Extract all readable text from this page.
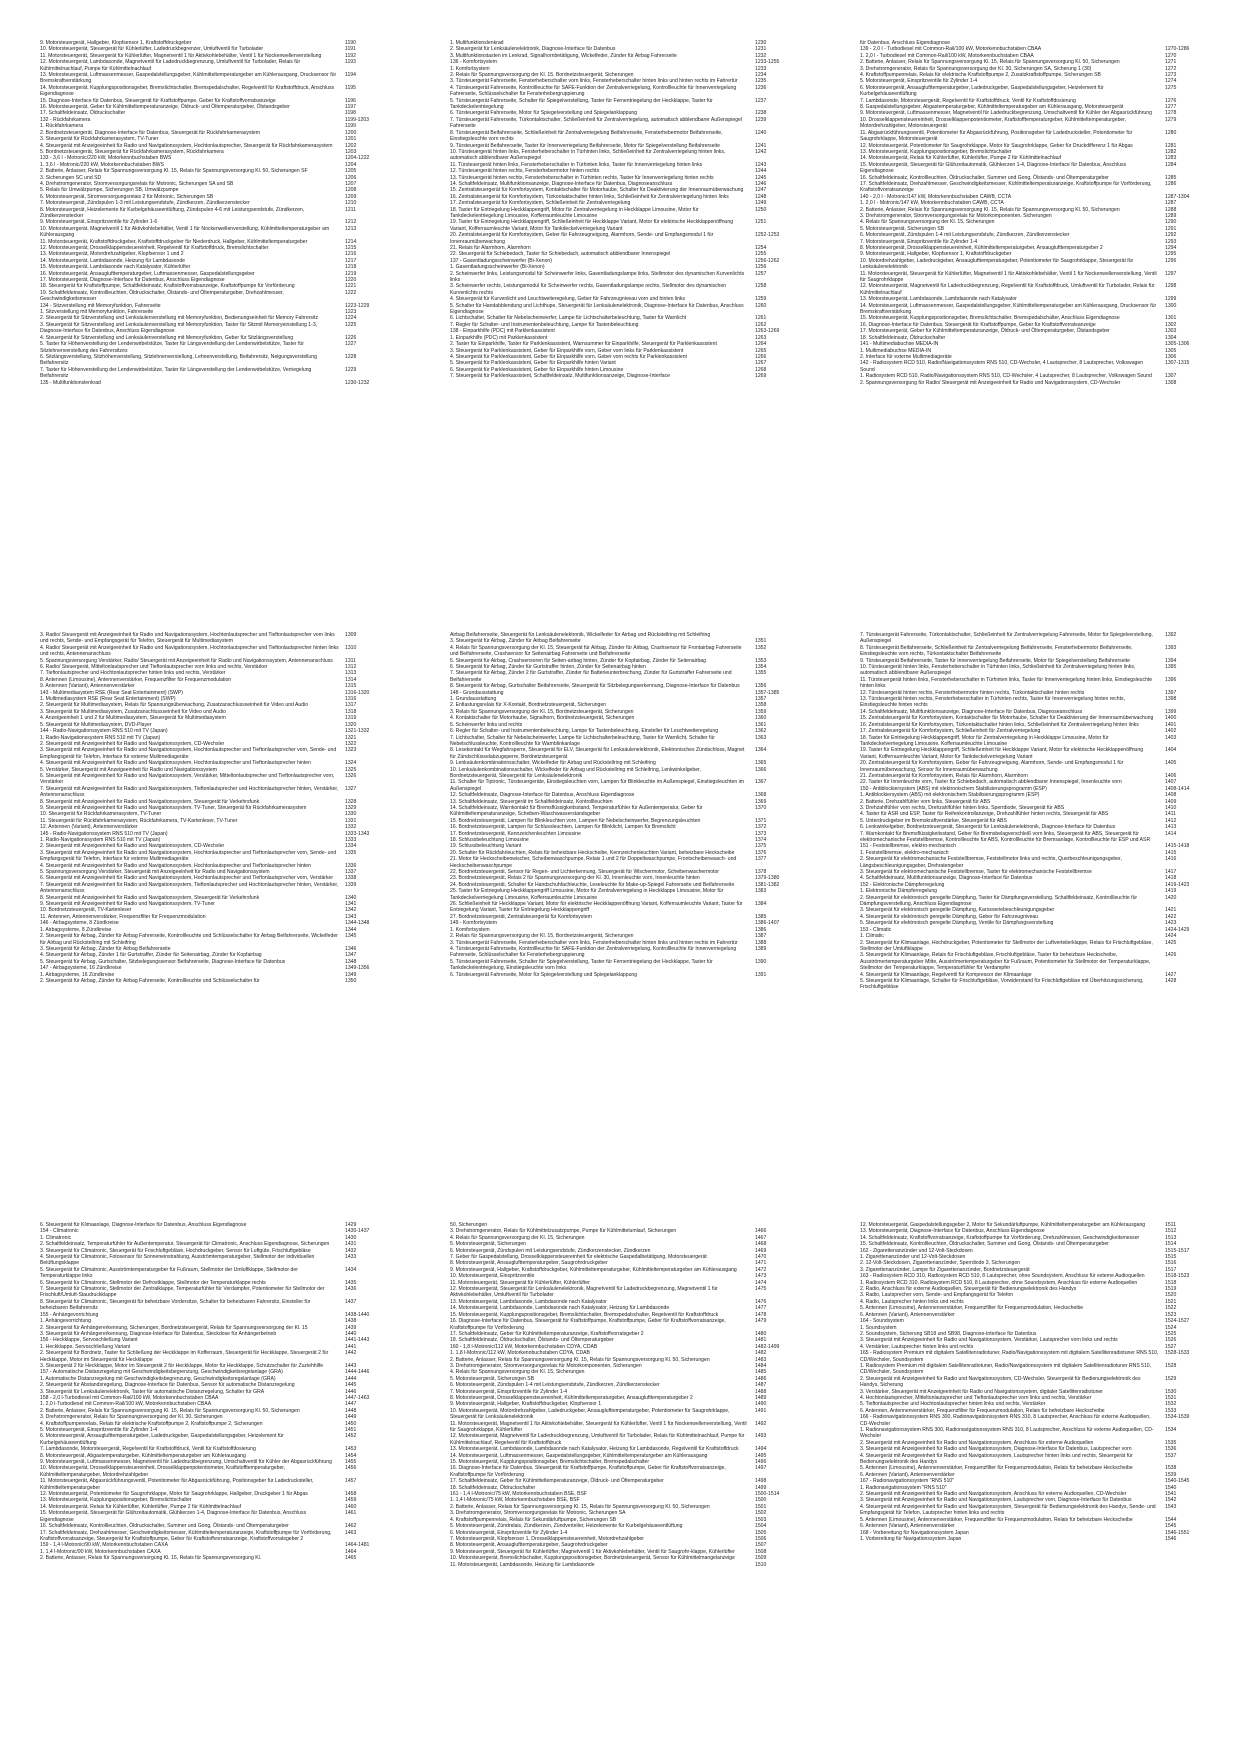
9. Motorsteuergerät, Hallgeber, Klopfsensor 1, Kraftstoffdruckgeber	1190
10. Motorsteuergerät, Steuergerät für Kühlerlüfter, Ladedruckbegrenzer, Umluftventil für Turbolader	1191
11. Motorsteuergerät, Steuergerät für Kühlerlüfter, Magnetventil 1 für Aktivkohlebehälter, Ventil 1 für Nockenwellenverstellung	1192
12. Motorsteuergerät, Lambdasonde, Magnetventil für Ladedruckbegrenzung, Umluftventil für Turbolader, Relais für Kühlmittelnachlauf, Pumpe für Kühlmittelnachlauf
1193
13. Motorsteuergerät, Luftmassenmesser, Gaspedalstellungsgeber, Kühlmitteltemperaturgeber am Kühlerausgang, Drucksensor für Bremskraftverstärkung
1194
14. Motorsteuergerät, Kupplungspositionsgeber, Bremslichtschalter, Bremspedalschalter, Regelventil für Kraftstoffdruck, Anschluss Eigendiagnose
1195
15. Diagnose-Interface für Datenbus, Steuergerät für Kraftstoffpumpe, Geber für Kraftstoffvorratsanzeige	1196
16. Motorsteuergerät, Geber für Kühlmitteltemperaturanzeige, Öldruck- und Öltemperaturgeber, Ölstandsgeber	1197
17. Schaltfeldeinsatz, Öldruckschalter	1198
132 - Rückfahrkamera	1199-1203
1. Rückfahrkamera	1199
2. Bordnetzsteuergerät, Diagnose-Interface für Datenbus, Steuergerät für Rückfahrkamerasystem	1200
3. Steuergerät für Rückfahrkamerasystem, TV-Tuner	1201
4. Steuergerät mit Anzeigeeinheit für Radio und Navigationssystem, Hochtonlautsprecher, Steuergerät für Rückfahrkamerasystem	1202
5. Bordnetzsteuergerät, Steuergerät für Rückfahrkamerasystem, Rückfahrkamera	1203
133 - 3,6 l - Motronic/220 kW, Motorkennbuchstaben BWS	1204-1222
1. 3,6 l - Motronic/220 kW, Motorkennbuchstaben BWS	1204
2. Batterie, Anlasser, Relais für Spannungsversorgung Kl. 15, Relais für Spannungsversorgung Kl. 50, Sicherungen SF	1205
3. Sicherungen SC und SD	1206
4. Drehstromgenerator, Stromversorgungsrelais für Motronic, Sicherungen SA und SB	1207
5. Relais für Umwälzpumpe, Sicherungen SB, Umwälzpumpe	1208
6. Motorsteuergerät, Stromversorgungsrelais 2 für Motronic, Sicherungen SB	1209
7. Motorsteuergerät, Zündspulen 1-3 mit Leistungsendstufe, Zündkerzen, Zündkerzenstecker	1210
8. Motorsteuergerät, Heizelemente für Kurbelgehäuseentlüftung, Zündspulen 4-6 mit Leistungsendstufe, Zündkerzen, Zündkerzenstecker
1211
9. Motorsteuergerät, Einspritzventile für Zylinder 1-6	1212
10. Motorsteuergerät, Magnetventil 1 für Aktivkohlebehälter, Ventil 1 für Nockenwellenverstellung, Kühlmitteltemperaturgeber am Kühlerausgang
1213
11. Motorsteuergerät, Kraftstoffdruckgeber, Kraftstoffdruckgeber für Niederdruck, Hallgeber, Kühlmitteltemperaturgeber	1214
12. Motorsteuergerät, Drosselklappensteuereinheit, Regelventil für Kraftstoffdruck, Bremslichtschalter	1215
13. Motorsteuergerät, Motordrehzahlgeber, Klopfsensor 1 und 2	1216
14. Motorsteuergerät, Lambdasonde, Heizung für Lambdasonde	1217
15. Motorsteuergerät, Lambdasonde nach Katalysator, Kühlerlüfter	1218
16. Motorsteuergerät, Ansauglufttemperaturgeber, Luftmassenmesser, Gaspedalstellungsgeber	1219
17. Motorsteuergerät, Diagnose-Interface für Datenbus, Anschluss Eigendiagnose	1220
18. Steuergerät für Kraftstoffpumpe, Schaltfeldeinsatz, Kraftstoffvorratsanzeige, Kraftstoffpumpe für Vorförderung	1221
19. Schaltfeldeinsatz, Kontrollleuchten, Öldruckschalter, Ölstands- und Öltemperaturgeber, Drehzahlmesser, Geschwindigkeitsmesser
1222
134 - Sitzverstellung mit Memoryfunktion, Fahrerseite	1223-1229
1. Sitzverstellung mit Memoryfunktion, Fahrerseite	1223
2. Steuergerät für Sitzverstellung und Lenksäulenverstellung mit Memoryfunktion, Bedienungseinheit für Memory Fahrersitz	1224
3. Steuergerät für Sitzverstellung und Lenksäulenverstellung mit Memoryfunktion, Taster für Sitzmit Memoryeinstellung 1-3, Diagnose-Interface für Datenbus, Anschluss Eigendiagnose
1225
4. Steuergerät für Sitzverstellung und Lenksäulenverstellung mit Memoryfunktion, Geber für Sitzlängsverstellung	1226
5. Taster für Höhenverstellung der Lendenwirbelstütze, Taster für Längsverstellung der Lendenwirbelstütze, Taster für Sitzlehnenverstellung des Fahrersitzes
1227
6. Sitzlängsverstellung, Sitzhöhenverstellung, Sitzlehnenverstellung, Lehnenverstellung, Beifahrersitz, Neigungsverstellung Beifahrersitz
1228
7. Taster für Höhenverstellung der Lendenwirbelstütze, Taster für Längsverstellung der Lendenwirbelstütze, Verriegelung Beifahrersitz
1229
135 - Multifunktionslenkrad	1230-1232
1. Multifunktionslenkrad	1230
2. Steuergerät für Lenksäulenelektronik, Diagnose-Interface für Datenbus	1231
3. Multifunktionstasten im Lenkrad, Signalhornbetätigung, Wickelfeder, Zünder für Airbag Fahrerseite	1232
136 - Komfortsystem	1233-1255
1. Komfortsystem	1233
2. Relais für Spannungsversorgung der Kl. 15, Bordnetzsteuergerät, Sicherungen	1234
3. Türsteuergerät Fahrerseite, Fensterheberschalter vorn links, Fensterheberschalter hinten links und hinten rechts im Fahrertür	1235
4. Türsteuergerät Fahrerseite, Kontrollleuchte für SAFE-Funktion der Zentralverriegelung, Kontrollleuchte für Innenverriegelung Fahrerseite, Schlüsselschalter für Fensterhebergruppierung
1236
5. Türsteuergerät Fahrerseite, Schalter für Spiegelverstellung, Taster für Fernentriegelung der Heckklappe, Taster für Tankdeckelentriegelung
1237
6. Türsteuergerät Fahrerseite, Motor für Spiegelverstellung und Spiegelanklappung	1238
7. Türsteuergerät Fahrerseite, Türkontaktschalter, Schließeinheit für Zentralverriegelung, automatisch abblendbarer Außenspiegel Fahrerseite
1239
8. Türsteuergerät Beifahrerseite, Schließeinheit für Zentralverriegelung Beifahrerseite, Fensterhebermotor Beifahrerseite, Einstiegsleuchte vorn rechts
1240
9. Türsteuergerät Beifahrerseite, Taster für Innenverriegelung Beifahrerseite, Motor für Spiegelverstellung Beifahrerseite	1241
10. Türsteuergerät hinten links, Fensterheberschalter in Türhinten links, Schließeinheit für Zentralverriegelung hinten links, automatisch abblendbarer Außenspiegel
1242
11. Türsteuergerät hinten links, Fensterheberschalter in Türhinten links, Taster für Innenverriegelung hinten links	1243
12. Türsteuergerät hinten rechts, Fensterhebermotor hinten rechts	1244
13. Türsteuergerät hinten rechts, Fensterheberschalter in Türhinten rechts, Taster für Innenverriegelung hinten rechts	1245
14. Schaltfeldeinsatz, Multifunktionsanzeige, Diagnose-Interface für Datenbus, Diagnoseanschluss	1246
15. Zentralsteuergerät für Komfortsystem, Kontaktschalter für Motorhaube, Schalter für Deaktivierung der Innenraumüberwachung	1247
16. Zentralsteuergerät für Komfortsystem, Türkontaktschalter hinten links, Schließeinheit für Zentralverriegelung hinten links	1248
17. Zentralsteuergerät für Komfortsystem, Schließeinheit für Zentralverriegelung	1249
18. Taster für Entriegelung Heckklappengriff, Motor für Zentralverriegelung in Heckklappe Limousine, Motor für Tankdeckelentriegelung Limousine, Kofferraumleuchte Limousine
1250
19. Taster für Entriegelung Heckklappengriff, Schließeinheit für Heckklappe Variant, Motor für elektrische Heckklappenöffnung Variant, Kofferraumleuchte Variant, Motor für Tankdeckelverriegelung Variant
1251
20. Zentralsteuergerät für Komfortsystem, Geber für Fahrzeugneigung, Alarmhorn, Sende- und Empfangsmodul 1 für Innenraumüberwachung
1252-1253
21. Relais für Alarmhorn, Alarmhorn	1254
22. Steuergerät für Schiebedach, Taster für Schiebedach, automatisch abblendbarer Innenspiegel	1255
137 - Gasentladungsscheinwerfer (Bi-Xenon)	1256-1262
1. Gasentladungsscheinwerfer (Bi-Xenon)	1256
2. Scheinwerfer links, Leistungsmodul für Scheinwerfer links, Gasentladungslampe links, Stellmotor des dynamischen Kurvenlichts links
1257
3. Scheinwerfer rechts, Leistungsmodul für Scheinwerfer rechts, Gasentladungslampe rechts, Stellmotor des dynamischen Kurvenlichts rechts
1258
4. Steuergerät für Kurvenlicht und Leuchtweiteregelung, Geber für Fahrzeugniveau vorn und hinten links	1259
5. Schalter für Handabblendung und Lichthupe, Steuergerät für Lenksäulenelektronik, Diagnose-Interface für Datenbus, Anschluss Eigendiagnose
1260
6. Lichtschalter, Schalter für Nebelscheinwerfer, Lampe für Lichtschalterbeleuchtung, Taster für Warnlicht	1261
7. Regler für Schalter- und Instrumentenbeleuchtung, Lampe für Tastenbeleuchtung	1262
138 - Einparkhilfe (PDC) mit Parklenkassistent	1263-1269
1. Einparkhilfe (PDC) mit Parklenkassistent	1263
2. Taster für Einparkhilfe, Taster für Parklenkassistent, Warnsummer für Einparkhilfe, Steuergerät für Parklenkassistent	1264
3. Steuergerät für Parklenkassistent, Geber für Einparkhilfe vorn, Geber vorn links für Parklenkassistent	1265
4. Steuergerät für Parklenkassistent, Geber für Einparkhilfe vorn, Geber vorn rechts für Parklenkassistent	1266
5. Steuergerät für Parklenkassistent, Geber für Einparkhilfe hinten Variant	1267
6. Steuergerät für Parklenkassistent, Geber für Einparkhilfe hinten Limousine	1268
7. Steuergerät für Parklenkassistent, Schaltfeldeinsatz, Multifunktionsanzeige, Diagnose-Interface	1269
für Datenbus, Anschluss Eigendiagnose
139 - 2,0 l - Turbodiesel mit Common-Rail/100 kW, Motorkennbuchstaben CBAA	1270-1286
1. 2,0 l - Turbodiesel mit Common-Rail/100 kW, Motorkennbuchstaben CBAA	1270
2. Batterie, Anlasser, Relais für Spannungsversorgung Kl. 15, Relais für Spannungsversorgung Kl. 50, Sicherungen	1271
3. Drehstromgenerator, Relais für Spannungsversorgung der Kl. 30, Sicherungen SA, Sicherung 1 (30)	1272
4. Kraftstoffpumpenrelais, Relais für elektrische Kraftstoffpumpe 2, Zusatzkraftstoffpumpe, Sicherungen SB	1273
5. Motorsteuergerät, Einspritzventile für Zylinder 1-4	1274
6. Motorsteuergerät, Ansauglufttemperaturgeber, Ladedruckgeber, Gaspedalstellungsgeber, Heizelement für Kurbelgehäuseentlüftung
1275
7. Lambdasonde, Motorsteuergerät, Regelventil für Kraftstoffdruck, Ventil für Kraftstoffdosierung	1276
8. Gaspedalstellungsgeber, Abgastemperaturgeber, Kühlmitteltemperaturgeber am Kühlerausgang, Motorsteuergerät	1277
9. Motorsteuergerät, Luftmassenmesser, Magnetventil für Ladedruckbegrenzung, Umschaltventil für Kühler der Abgasrückführung	1278
10. Drosselklappensteuereinheit, Drosselklappenpotentiometer, Kraftstofftemperaturgeber, Kühlmitteltemperaturgeber, Motordrehzahlgeber, Motorsteuergerät
1279
11. Abgasrückführungsventil, Potentiometer für Abgasrückführung, Positionsgeber für Ladedrucksteller, Potentiometer für Saugrohrklappe, Motorsteuergerät
1280
12. Motorsteuergerät, Potentiometer für Saugrohrklappe, Motor für Saugrohrklappe, Geber für Druckdifferenz 1 für Abgas	1281
13. Motorsteuergerät, Kupplungspositionsgeber, Bremslichtschalter	1282
14. Motorsteuergerät, Relais für Kühlerlüfter, Kühlerlüfter, Pumpe 2 für Kühlmittelnachlauf	1283
15. Motorsteuergerät, Steuergerät für Glühzeitautomatik, Glühkerzen 1-4, Diagnose-Interface für Datenbus, Anschluss Eigendiagnose
1284
16. Schaltfeldeinsatz, Kontrollleuchten, Öldruckschalter, Summer und Gong, Ölstands- und Öltemperaturgeber	1285
17. Schaltfeldeinsatz, Drehzahlmesser, Geschwindigkeitsmesser, Kühlmitteltemperaturanzeige, Kraftstoffpumpe für Vorförderung, Kraftstoffvorratsanzeige
1286
140 - 2,0 l - Motronic/147 kW, Motorkennbuchstaben CAWB, CCTA	1287-1304
1. 2,0 l - Motronic/147 kW, Motorkennbuchstaben CAWB, CCTA	1287
2. Batterie, Anlasser, Relais für Spannungsversorgung Kl. 15, Relais für Spannungsversorgung Kl. 50, Sicherungen	1288
3. Drehstromgenerator, Stromversorgungsrelais für Motorkomponenten, Sicherungen	1289
4. Relais für Spannungsversorgung der Kl. 15, Sicherungen	1290
5. Motorsteuergerät, Sicherungen SB	1291
6. Motorsteuergerät, Zündspulen 1-4 mit Leistungsendstufe, Zündkerzen, Zündkerzenstecker	1292
7. Motorsteuergerät, Einspritzventile für Zylinder 1-4	1293
8. Motorsteuergerät, Drosselklappensteuereinheit, Kühlmitteltemperaturgeber, Ansauglufttemperaturgeber 2	1294
9. Motorsteuergerät, Hallgeber, Klopfsensor 1, Kraftstoffdruckgeber	1295
10. Motordrehzahlgeber, Ladedruckgeber, Ansauglufttemperaturgeber, Potentiometer für Saugrohrklappe, Steuergerät für Lenksäulenelektronik
1296
11. Motorsteuergerät, Steuergerät für Kühlerlüfter, Magnetventil 1 für Aktivkohlebehälter, Ventil 1 für Nockenwellenverstellung, Ventil für Saugrohrklappe
1297
12. Motorsteuergerät, Magnetventil für Ladedruckbegrenzung, Regelventil für Kraftstoffdruck, Umluftventil für Turbolader, Relais für Kühlmittelnachlauf
1298
13. Motorsteuergerät, Lambdasonde, Lambdasonde nach Katalysator	1299
14. Motorsteuergerät, Luftmassenmesser, Gaspedalstellungsgeber, Kühlmitteltemperaturgeber am Kühlerausgang, Drucksensor für Bremskraftverstärkung
1300
15. Motorsteuergerät, Kupplungspositionsgeber, Bremslichtschalter, Bremspedalschalter, Anschluss Eigendiagnose	1301
16. Diagnose-Interface für Datenbus, Steuergerät für Kraftstoffpumpe, Geber für Kraftstoffvorratsanzeige	1302
17. Motorsteuergerät, Geber für Kühlmitteltemperaturanzeige, Öldruck- und Öltemperaturgeber, Ölstandsgeber	1303
18. Schaltfeldeinsatz, Öldruckschalter	1304
141 - Multimediabuchse MEDIA-IN	1305-1306
1. Multimediabuchse MEDIA-IN	1305
2. Interface für externe Multimediageräte	1306
142 - Radiosystem RCD 510, Radio/Navigationssystem RNS 510, CD-Wechsler, 4 Lautsprecher, 8 Lautsprecher, Volkswagen Sound
1307-1315
1. Radiosystem RCD 510, Radio/Navigationssystem RNS 510, CD-Wechsler, 4 Lautsprecher, 8 Lautsprecher, Volkswagen Sound	1307
2. Spannungsversorgung für Radio/ Steuergerät mit Anzeigeeinheit für Radio und Navigationssystem, CD-Wechsler	1308
3. Radio/ Steuergerät mit Anzeigeeinheit für Radio und Navigationssystem, Hochtonlautsprecher und Tieftonlautsprecher vorn links und rechts, Sende- und Empfangsgerät für Telefon, Steuergerät für Multimediasystem
1309
4. Radio/ Steuergerät mit Anzeigeeinheit für Radio und Navigationssystem, Hochtonlautsprecher und Tieftonlautsprecher hinten links und rechts, Antennenanschluss
1310
5. Spannungsversorgung Verstärker, Radio/ Steuergerät mit Anzeigeeinheit für Radio und Navigationssystem, Antennenanschluss	1311
6. Radio/ Steuergerät, Mitteltonlautsprecher und Tieftonlautsprecher vorn links und rechts, Verstärker	1312
7. Tieftonlautsprecher und Hochtonlautsprecher hinten links und rechts, Verstärker	1313
8. Antennen (Limousine), Antennenverstärker, Frequenzfilter für Frequenzmodulation	1314
9. Antennen (Variant), Antennenverstärker	1315
143 - Multimediasystem RSE (Rear Seat Entertainment) (SWP)	1316-1320
1. Multimediasystem RSE (Rear Seat Entertainment) (SWP)	1316
2. Steuergerät für Multimediasystem, Relais für Spannungsüberwachung, Zusatzanschlussseinheit für Video und Audio	1317
3. Steuergerät für Multimediasystem, Zusatzanschlussseinheit für Video und Audio	1318
4. Anzeigeeinheit 1 und 2 für Multimediasystem, Steuergerät für Multimediasystem	1319
5. Steuergerät für Multimediasystem, DVD-Player	1320
144 - Radio-Navigationssystem RNS 510 mit TV (Japan)	1321-1332
1. Radio-Navigationssystem RNS 510 mit TV (Japan)	1321
2. Steuergerät mit Anzeigeeinheit für Radio und Navigationssystem, CD-Wechsler	1322
3. Steuergerät mit Anzeigeeinheit für Radio und Navigationssystem, Hochtonlautsprecher und Tieftonlautsprecher vorn, Sende- und Empfangsgerät für Telefon, Interface für externe Multimediageräte
1323
4. Steuergerät mit Anzeigeeinheit für Radio und Navigationssystem, Hochtonlautsprecher und Tieftonlautsprecher hinten	1324
5. Verstärker, Steuergerät mit Anzeigeeinheit für Radio und Navigationssystem	1325
6. Steuergerät mit Anzeigeeinheit für Radio und Navigationssystem, Verstärker, Mitteltonlautsprecher und Tieftonlautsprecher vorn, Verstärker
1326
7. Steuergerät mit Anzeigeeinheit für Radio und Navigationssystem, Tieftonlautsprecher und Hochtonlautsprecher hinten, Verstärker, Antennenanschluss
1327
8. Steuergerät mit Anzeigeeinheit für Radio und Navigationssystem, Steuergerät für Verkehrsfunk	1328
9. Steuergerät mit Anzeigeeinheit für Radio und Navigationssystem, TV-Tuner, Steuergerät für Rückfahrkamerasystem	1329
10. Steuergerät für Rückfahrkamerasystem, TV-Tuner	1330
11. Steuergerät für Rückfahrkamerasystem, Rückfahrkamera, TV-Kartenleser, TV-Tuner	1331
12. Antennen (Variant), Antennenverstärker	1332
145 - Radio-Navigationssystem RNS 510 mit TV (Japan)	1333-1343
1. Radio-Navigationssystem RNS 510 mit TV (Japan)	1333
2. Steuergerät mit Anzeigeeinheit für Radio und Navigationssystem, CD-Wechsler	1334
3. Steuergerät mit Anzeigeeinheit für Radio und Navigationssystem, Hochtonlautsprecher und Tieftonlautsprecher vorn, Sende- und Empfangsgerät für Telefon, Interface für externe Multimediageräte
1335
4. Steuergerät mit Anzeigeeinheit für Radio und Navigationssystem, Hochtonlautsprecher und Tieftonlautsprecher hinten	1336
5. Spannungsversorgung Verstärker, Steuergerät mit Anzeigeeinheit für Radio und Navigationssystem	1337
6. Steuergerät mit Anzeigeeinheit für Radio und Navigationssystem, Hochtonlautsprecher und Tieftonlautsprecher vorn, Verstärker	1338
7. Steuergerät mit Anzeigeeinheit für Radio und Navigationssystem, Tieftonlautsprecher und Hochtonlautsprecher hinten, Verstärker, Antennenanschluss
1339
8. Steuergerät mit Anzeigeeinheit für Radio und Navigationssystem, Steuergerät für Verkehrsfunk	1340
9. Steuergerät mit Anzeigeeinheit für Radio und Navigationssystem, TV-Tuner	1341
10. Bordnetzsteuergerät, TV-Kartenleser	1342
11. Antennen, Antennenverstärker, Frequenzfilter für Frequenzmodulation	1343
146 - Airbagsysteme, 8 Zündkreise	1344-1348
1. Airbagsysteme, 8 Zündkreise	1344
2. Steuergerät für Airbag, Zünder für Airbag Fahrerseite, Kontrollleuchte und Schlüsselschalter für Airbag Beifahrerseite, Wickelfeder für Airbag und Rückstellring mit Schleifring
1345
3. Steuergerät für Airbag, Zünder für Airbag Beifahrerseite	1346
4. Steuergerät für Airbag, Zünder 1 für Gurtstraffer, Zünder für Seitenairbag, Zünder für Kopfairbag	1347
5. Steuergerät für Airbag, Gurtschalter, Sitzbelegungssensor Beifahrerseite, Diagnose-Interface für Datenbus	1348
147 - Airbagsysteme, 16 Zündkreise	1349-1356
1. Airbagsysteme, 16 Zündkreise	1349
2. Steuergerät für Airbag, Zünder für Airbag Fahrerseite, Kontrollleuchte und Schlüsselschalter für	1350
Airbag Beifahrerseite, Steuergerät für Lenksäulenelektronik, Wickelfeder für Airbag und Rückstellring mit Schleifring
3. Steuergerät für Airbag, Zünder für Airbag Beifahrerseite	1351
4. Relais für Spannungsversorgung der Kl. 15, Steuergerät für Airbag, Zünder für Airbag, Crashsensor für Frontairbag Fahrerseite und Beifahrerseite, Crashsensor für Seitenairbag Fahrerseite und Beifahrerseite
1352
5. Steuergerät für Airbag, Crashsensoren für Seiten-airbag hinten, Zünder für Kopfairbag, Zünder für Seitenairbag	1353
6. Steuergerät für Airbag, Zünder für Gurtstraffer hinten, Zünder für Seitenairbag hinten	1354
7. Steuergerät für Airbag, Zünder 2 für Gurtstraffer, Zünder für Batterieunterbrechung, Zünder für Gurtstraffer Fahrerseite und Beifahrerseite
1355
8. Steuergerät für Airbag, Gurtschalter Beifahrerseite, Steuergerät für Sitzbelegungserkennung, Diagnose-Interface für Datenbus	1356
148 - Grundausstattung	1357-1385
1. Grundausstattung	1357
2. Entlastungsrelais für X-Kontakt, Bordnetzsteuergerät, Sicherungen	1358
3. Relais für Spannungsversorgung der Kl. 15, Bordnetzsteuergerät, Sicherungen	1359
4. Kontaktschalter für Motorhaube, Signalhorn, Bordnetzsteuergerät, Sicherungen	1360
5. Scheinwerfer links und rechts	1361
6. Regler für Schalter- und Instrumentenbeleuchtung, Lampe für Tastenbeleuchtung, Einsteller für Leuchtweiteregelung	1362
7. Lichtschalter, Schalter für Nebelscheinwerfer, Lampe für Lichtschalterbeleuchtung, Taster für Warnlicht, Schalter für Nebelschlussleuchte, Kontrollleuchte für Warnblinkanlage
1363
8. Lesekontakt für Wegfahrsperre, Steuergerät für ELV, Steuergerät für Lenksäulenelektronik, Elektronisches Zündschloss, Magnet für Zündschlüsselabzugsperre, Bordnetzsteuergerät
1364
9. Lenksäulenkombinationsschalter, Wickelfeder für Airbag und Rückstellring mit Schleifring	1365
10. Lenksäulenkombinationsschalter, Wickelfeder für Airbag und Rückstellring mit Schleifring, Lenkwinkelgeber, Bordnetzsteuergerät, Steuergerät für Lenksäulenelektronik
1366
11. Schalter für Tiptronic, Türsteuergeräte, Einstiegsleuchten vorn, Lampen für Blinkleuchte im Außenspiegel, Einstiegsleuchten im Außenspiegel
1367
12. Schaltfeldeinsatz, Diagnose-Interface für Datenbus, Anschluss Eigendiagnose	1368
13. Schaltfeldeinsatz, Steuergerät im Schaltfeldeinsatz, Kontrollleuchten	1369
14. Schaltfeldeinsatz, Warnkontakt für Bremsflüssigkeitsstand, Temperaturfühler für Außentemperatur, Geber für Kühlmitteltemperaturanzeige, Scheiben-Waschwasserstandsgeber
1370
15. Bordnetzsteuergerät, Lampen für Blinkleuchten vorn, Lampen für Nebelscheinwerfer, Begrenzungsleuchten	1371
16. Bordnetzsteuergerät, Lampen für Schlussleuchten, Lampen für Blinklicht, Lampen für Bremslicht	1372
17. Bordnetzsteuergerät, Kennzeichenleuchten Limousine	1373
18. Schlussbeleuchtung Limousine	1374
19. Schlussbeleuchtung Variant	1375
20. Schalter für Rückfahrleuchten, Relais für beheizbare Heckscheibe, Kennzeichenleuchten Variant, beheizbare Heckscheibe	1376
21. Motor für Heckscheibenwischer, Scheibenwaschpumpe, Relais 1 und 2 für Doppeltwaschpumpe, Frontscheibenwasch- und Heckscheibenwaschpumpe
1377
22. Bordnetzsteuergerät, Sensor für Regen- und Lichterkennung, Steuergerät für Wischermotor, Scheibenwischermotor	1378
23. Bordnetzsteuergerät, Relais 2 für Spannungsversorgung der Kl. 30, Innenleuchte vorn, Innenleuchte hinten	1379-1380
24. Bordnetzsteuergerät, Schalter für Handschuhfachleuchte, Leseleuchte für Make-up-Spiegel Fahrerseite und Beifahrerseite	1381-1382
25. Taster für Entriegelung Heckklappengriff Limousine, Motor für Zentralverriegelung in Heckklappe Limousine, Motor für Tankdeckelverriegelung Limousine, Kofferraumleuchte Limousine
1383
26. Schließeinheit für Heckklappe Variant, Motor für elektrische Heckklappenöffnung Variant, Kofferraumleuchte Variant, Taster für Entriegelung Variant, Taster für Entriegelung Heckklappengriff
1384
27. Bordnetzsteuergerät, Zentralsteuergerät für Komfortsystem	1385
149 - Komfortsystem	1386-1407
1. Komfortsystem	1386
2. Relais für Spannungsversorgung der Kl. 15, Bordnetzsteuergerät, Sicherungen	1387
3. Türsteuergerät Fahrerseite, Fensterheberschalter vorn links, Fensterheberschalter hinten links und hinten rechts im Fahrertür	1388
4. Türsteuergerät Fahrerseite, Kontrollleuchte für SAFE-Funktion der Zentralverriegelung, Kontrollleuchte für Innenverriegelung Fahrerseite, Schlüsselschalter für Fensterhebergruppierung
1389
5. Türsteuergerät Fahrerseite, Schalter für Spiegelverstellung, Taster für Fernentriegelung der Heckklappe, Taster für Tankdeckelentriegelung, Einstiegsleuchte vorn links
1390
6. Türsteuergerät Fahrerseite, Motor für Spiegelverstellung und Spiegelanklappung	1391
7. Türsteuergerät Fahrerseite, Türkontaktschalter, Schließeinheit für Zentralverriegelung Fahrerseite, Motor für Spiegelverstellung, Außenspiegel
1392
8. Türsteuergerät Beifahrerseite, Schließeinheit für Zentralverriegelung Beifahrerseite, Fensterhebermotor Beifahrerseite, Einstiegsleuchte vorn rechts, Türkontaktschalter Beifahrerseite
1393
9. Türsteuergerät Beifahrerseite, Taster für Innenverriegelung Beifahrerseite, Motor für Spiegelverstellung Beifahrerseite	1394
10. Türsteuergerät hinten links, Fensterheberschalter in Türhinten links, Schließeinheit für Zentralverriegelung hinten links, automatisch abblendbarer Außenspiegel
1395
11. Türsteuergerät hinten links, Fensterheberschalter in Türhinten links, Taster für Innenverriegelung hinten links, Einstiegsleuchte hinten links
1396
12. Türsteuergerät hinten rechts, Fensterhebermotor hinten rechts, Türkontaktschalter hinten rechts	1397
13. Türsteuergerät hinten rechts, Fensterheberschalter in Türhinten rechts, Taster für Innenverriegelung hinten rechts, Einstiegsleuchte hinten rechts
1398
14. Schaltfeldeinsatz, Multifunktionsanzeige, Diagnose-Interface für Datenbus, Diagnoseanschluss	1399
15. Zentralsteuergerät für Komfortsystem, Kontaktschalter für Motorhaube, Schalter für Deaktivierung der Innenraumüberwachung	1400
16. Zentralsteuergerät für Komfortsystem, Türkontaktschalter hinten links, Schließeinheit für Zentralverriegelung hinten links	1401
17. Zentralsteuergerät für Komfortsystem, Schließeinheit für Zentralverriegelung	1402
18. Taster für Entriegelung Heckklappengriff, Motor für Zentralverriegelung in Heckklappe Limousine, Motor für Tankdeckelverriegelung Limousine, Kofferraumleuchte Limousine
1403
19. Taster für Entriegelung Heckklappengriff, Schließeinheit für Heckklappe Variant, Motor für elektrische Heckklappenöffnung Variant, Kofferraumleuchte Variant, Motor für Tankdeckelverriegelung Variant
1404
20. Zentralsteuergerät für Komfortsystem, Geber für Fahrzeugneigung, Alarmhorn, Sende- und Empfangsmodul 1 für Innenraumüberwachung, Sensor für Innenraumüberwachung
1405
21. Zentralsteuergerät für Komfortsystem, Relais für Alarmhorn, Alarmhorn	1406
22. Taster für Innenleuchte vorn, Taster für Schiebedach, automatisch abblendbarer Innenspiegel, Innenleuchte vorn	1407
150 - Antiblockiersystem (ABS) mit elektronischem Stabilisierungsprogramm (ESP)	1408-1414
1. Antiblockiersystem (ABS) mit elektronischem Stabilisierungsprogramm (ESP)	1408
2. Batterie, Drehzahlfühler vorn links, Steuergerät für ABS	1409
3. Drehzahlfühler vorn rechts, Drehzahlfühler hinten links, Sperrdiode, Steuergerät für ABS	1410
4. Taster für ASR und ESP, Taster für Reifenkontrollanzeige, Drehzahlfühler hinten rechts, Steuergerät für ABS	1411
5. Unterdruckgeber im Bremskraftverstärker, Steuergerät für ABS	1412
6. Lenkwinkelgeber, Bordnetzsteuergerät, Steuergerät für Lenksäulenelektronik, Diagnose-Interface für Datenbus	1413
7. Warnkontakt für Bremsflüssigkeitsstand, Geber für Bremsbelagverschleiß vorn links, Steuergerät für ABS, Steuergerät für elektromechanische Feststellbremse, Kontrollleuchte für ABS, Kontrollleuchte für Bremsanlage, Kontrollleuchte für ESP und ASR
1414
151 - Feststellbremse, elektro-mechanisch	1415-1418
1. Feststellbremse, elektro-mechanisch	1415
2. Steuergerät für elektromechanische Feststellbremse, Feststellmotor links und rechts, Querbeschleunigungsgeber, Längsbeschleunigungsgeber, Drehratengeber
1416
3. Steuergerät für elektromechanische Feststellbremse, Taster für elektromechanische Feststellbremse	1417
4. Schaltfeldeinsatz, Multifunktionsanzeige, Diagnose-Interface für Datenbus	1418
152 - Elektronische Dämpferregelung	1419-1423
1. Elektronische Dämpferregelung	1419
2. Steuergerät für elektronisch geregelte Dämpfung, Taster für Dämpfungsverstellung, Schaltfeldeinsatz, Kontrollleuchte für Dämpfungsverstellung, Anschluss Eigendiagnose
1420
3. Steuergerät für elektronisch geregelte Dämpfung, Karosseriebeschleunigungsgeber	1421
4. Steuergerät für elektronisch geregelte Dämpfung, Geber für Fahrzeugniveau	1422
5. Steuergerät für elektronisch geregelte Dämpfung, Ventile für Dämpfungsverstellung	1423
153 - Climatic	1424-1429
1. Climatic	1424
2. Steuergerät für Klimaanlage, Hochdruckgeber, Potentiometer für Stellmotor der Luftverteilerklappe, Relais für Frischluftgebläse, Stellmotor der Umluftklappe
1425
3. Steuergerät für Klimaanlage, Relais für Frischluftgebläse, Frischluftgebläse, Taster für beheizbare Heckscheibe, Ausströmertemperaturgeber Mitte, Ausströmertemperaturgeber für Fußraum, Potentiometer für Stellmotor der Temperaturklappe, Stellmotor der Temperaturklappe, Temperaturfühler für Verdampfer
1426
4. Steuergerät für Klimaanlage, Regelventil für Kompressor der Klimaanlage	1427
5. Steuergerät für Klimaanlage, Schalter für Frischluftgebläse, Vorwiderstand für Frischluftgebläse mit Überhitzungssicherung, Frischluftgebläse
1428
6. Steuergerät für Klimaanlage, Diagnose-Interface für Datenbus, Anschluss Eigendiagnose	1429
154 - Climatronic	1430-1437
1. Climatronic	1430
2. Schaltfeldeinsatz, Temperaturfühler für Außentemperatur, Steuergerät für Climatronic, Anschluss Eigendiagnose, Sicherungen	1431
3. Steuergerät für Climatronic, Steuergerät für Frischluftgebläse, Hochdruckgeber, Sensor für Luftgüte, Frischluftgebläse	1432
4. Steuergerät für Climatronic, Fotosensor für Sonneneinstrahlung, Ausströmtemperaturgeber, Stellmotor der individuellen Belüftungsklappe
1433
5. Steuergerät für Climatronic, Ausströmtemperaturgeber für Fußraum, Stellmotor der Umluftklappe, Stellmotor der Temperaturklappe links
1434
6. Steuergerät für Climatronic, Stellmotor der Defrostklappe, Stellmotor der Temperaturklappe rechts	1435
7. Steuergerät für Climatronic, Stellmotor der Zentralklappe, Temperaturfühler für Verdampfer, Potentiometer für Stellmotor der Frischluft/Umluft-Staudruckklappe
1436
8. Steuergerät für Climatronic, Steuergerät für beheizbare Vordersitze, Schalter für beheizbaren Fahrersitz, Einsteller für beheizbaren Beifahrersitz
1437
155 - Anhängevorrichtung	1438-1440
1. Anhängevorrichtung	1438
2. Steuergerät für Anhängererkennung, Sicherungen, Bordnetzsteuergerät, Relais für Spannungsversorgung der Kl. 15	1439
3. Steuergerät für Anhängererkennung, Diagnose-Interface für Datenbus, Steckdose für Anhängerbetrieb	1440
156 - Heckklappe, Servoschließung Variant	1441-1443
1. Heckklappe, Servoschließung Variant	1441
2. Steuergerät für Bordnetz, Taster für Schließung der Heckklappe im Kofferraum, Steuergerät für Heckklappe, Steuergerät 2 für Heckklappe, Motor im Steuergerät für Heckklappe
1442
3. Steuergerät 2 für Heckklappe, Motor im Steuergerät 2 für Heckklappe, Motor für Heckklappe, Schutzschalter für Zuziehhilfe	1443
157 - Automatische Distanzregelung mit Geschwindigkeitsbegrenzung, Geschwindigkeitsregelanlage (GRA)	1444-1446
1. Automatische Distanzregelung mit Geschwindigkeitsbegrenzung, Geschwindigkeitsregelanlage (GRA)	1444
2. Steuergerät für Abstandsregelung, Diagnose-Interface für Datenbus, Sensor für automatische Distanzregelung	1445
3. Steuergerät für Lenksäulenelektronik, Taster für automatische Distanzregelung, Schalter für GRA	1446
158 - 2,0 l-Turbodiesel mit Common-Rail/100 kW, Motorkennbuchstaben CBAA	1447-1463
1. 2,0 l-Turbodiesel mit Common-Rail/100 kW, Motorkennbuchstaben CBAA	1447
2. Batterie, Anlasser, Relais für Spannungsversorgung Kl. 15, Relais für Spannungsversorgung Kl. 50, Sicherungen	1448
3. Drehstromgenerator, Relais für Spannungsversorgung der Kl. 30, Sicherungen	1449
4. Kraftstoffpumpenrelais, Relais für elektrische Kraftstoffpumpe 2, Kraftstoffpumpe 2, Sicherungen	1450
5. Motorsteuergerät, Einspritzventile für Zylinder 1-4	1451
6. Motorsteuergerät, Ansauglufttemperaturgeber, Ladedruckgeber, Gaspedalstellungsgeber, Heizelement für Kurbelgehäuseentlüftung
1452
7. Lambdasonde, Motorsteuergerät, Regelventil für Kraftstoffdruck, Ventil für Kraftstoffdosierung	1453
8. Motorsteuergerät, Abgastemperaturgeber, Kühlmitteltemperaturgeber am Kühlerausgang	1454
9. Motorsteuergerät, Luftmassenmesser, Magnetventil für Ladedruckbegrenzung, Umschaltventil für Kühler der Abgasrückführung	1455
10. Motorsteuergerät, Drosselklappensteuereinheit, Drosselklappenpotentiometer, Kraftstofftemperaturgeber, Kühlmitteltemperaturgeber, Motordrehzahlgeber
1456
11. Motorsteuergerät, Abgasrückführungsventil, Potentiometer für Abgasrückführung, Positionsgeber für Ladedrucksteller, Kühlmitteltemperaturgeber
1457
12. Motorsteuergerät, Potentiometer für Saugrohrklappe, Motor für Saugrohrklappe, Hallgeber, Druckgeber 1 für Abgas	1458
13. Motorsteuergerät, Kupplungspositionsgeber, Bremslichtschalter	1459
14. Motorsteuergerät, Relais für Kühlerlüfter, Kühlerlüfter, Pumpe 2 für Kühlmittelnachlauf	1460
15. Motorsteuergerät, Steuergerät für Glühzeitautomatik, Glühkerzen 1-4, Diagnose-Interface für Datenbus, Anschluss Eigendiagnose
1461
16. Schaltfeldeinsatz, Kontrollleuchten, Öldruckschalter, Summer und Gong, Ölstands- und Öltemperaturgeber	1462
17. Schaltfeldeinsatz, Drehzahlmesser, Geschwindigkeitsmesser, Kühlmitteltemperaturanzeige, Kraftstoffpumpe für Vorförderung, Kraftstoffvorratsanzeige, Steuergerät für Kraftstoffpumpe, Geber für Kraftstoffvorratsanzeige, Kraftstoffvorratsgeber 2
1463
159 - 1,4 l-Motronic/90 kW, Motorkennbuchstaben CAXA	1464-1481
1. 1,4 l-Motronic/90 kW, Motorkennbuchstaben CAXA	1464
2. Batterie, Anlasser, Relais für Spannungsversorgung Kl. 15, Relais für Spannungsversorgung Kl.	1465
50, Sicherungen
3. Drehstromgenerator, Relais für Kühlmittelzusatzpumpe, Pumpe für Kühlmittelumlauf, Sicherungen	1466
4. Relais für Spannungsversorgung der Kl. 15, Sicherungen	1467
5. Motorsteuergerät, Sicherungen	1468
6. Motorsteuergerät, Zündspulen mit Leistungsendstufe, Zündkerzenstecker, Zündkerzen	1469
7. Geber für Gaspedalstellung, Drosselklappensteuereinheit für elektrische Gaspedalbetätigung, Motorsteuergerät	1470
8. Motorsteuergerät, Ansauglufttemperaturgeber, Saugrohrdruckgeber	1471
9. Motorsteuergerät, Hallgeber, Kraftstoffdruckgeber, Kühlmitteltemperaturgeber, Kühlmitteltemperaturgeber am Kühlerausgang	1472
10. Motorsteuergerät, Einspritzventile	1473
11. Motorsteuergerät, Steuergerät für Kühlerlüfter, Kühlerlüfter	1474
12. Motorsteuergerät, Steuergerät für Lenksäulenelektronik, Magnetventil für Ladedruckbegrenzung, Magnetventil 1 für Aktivkohlebehälter, Umluftventil für Turbolader
1475
13. Motorsteuergerät, Lambdasonde, Lambdasonde nach Katalysator	1476
14. Motorsteuergerät, Lambdasonde, Lambdasonde nach Katalysator, Heizung für Lambdasonde	1477
15. Motorsteuergerät, Kupplungspositionsgeber, Bremslichtschalter, Bremspedalschalter, Regelventil für Kraftstoffdruck	1478
16. Diagnose-Interface für Datenbus, Steuergerät für Kraftstoffpumpe, Kraftstoffpumpe, Geber für Kraftstoffvorratsanzeige, Kraftstoffpumpe für Vorförderung
1479
17. Schaltfeldeinsatz, Geber für Kühlmitteltemperaturanzeige, Kraftstoffvorratsgeber 2	1480
18. Schaltfeldeinsatz, Öldruckschalter, Ölstands- und Öltemperaturgeber	1481
160 - 1,8 l-Motronic/112 kW, Motorkennbuchstaben CDYA, CDAB	1482-1499
1. 1,8 l-Motronic/112 kW, Motorkennbuchstaben CDYA, CDAB	1482
2. Batterie, Anlasser, Relais für Spannungsversorgung Kl. 15, Relais für Spannungsversorgung Kl. 50, Sicherungen	1483
3. Drehstromgenerator, Stromversorgungsrelais für Motorkomponenten, Sicherungen	1484
4. Relais für Spannungsversorgung der Kl. 15, Sicherungen	1485
5. Motorsteuergerät, Sicherungen SB	1486
6. Motorsteuergerät, Zündspulen 1-4 mit Leistungsendstufe, Zündkerzen, Zündkerzenstecker	1487
7. Motorsteuergerät, Einspritzventile für Zylinder 1-4	1488
8. Motorsteuergerät, Drosselklappensteuereinheit, Kühlmitteltemperaturgeber, Ansauglufttemperaturgeber 2	1489
9. Motorsteuergerät, Hallgeber, Kraftstoffdruckgeber, Klopfsensor 1	1490
10. Motorsteuergerät, Motordrehzahlgeber, Ladedruckgeber, Ansauglufttemperaturgeber, Potentiometer für Saugrohrklappe, Steuergerät für Lenksäulenelektronik
1491
11. Motorsteuergerät, Magnetventil 1 für Aktivkohlebehälter, Steuergerät für Kühlerlüfter, Ventil 1 für Nockenwellenverstellung, Ventil für Saugrohrklappe, Kühlerlüfter
1492
12. Motorsteuergerät, Magnetventil für Ladedruckbegrenzung, Umluftventil für Turbolader, Relais für Kühlmittelnachlauf, Pumpe für Kühlmittelnachlauf, Regelventil für Kraftstoffdruck
1493
13. Motorsteuergerät, Lambdasonde, Lambdasonde nach Katalysator, Heizung für Lambdasonde, Regelventil für Kraftstoffdruck	1494
14. Motorsteuergerät, Luftmassenmesser, Gaspedalstellungsgeber, Kühlmitteltemperaturgeber am Kühlerausgang	1495
15. Motorsteuergerät, Kupplungspositionsgeber, Bremslichtschalter, Bremspedalschalter	1496
16. Diagnose-Interface für Datenbus, Steuergerät für Kraftstoffpumpe, Kraftstoffpumpe, Geber für Kraftstoffvorratsanzeige, Kraftstoffpumpe für Vorförderung
1497
17. Schaltfeldeinsatz, Geber für Kühlmitteltemperaturanzeige, Öldruck- und Öltemperaturgeber	1498
18. Schaltfeldeinsatz, Öldruckschalter	1499
161 - 1,4 l-Motronic/75 kW, Motorkennbuchstaben BSE, BSF	1500-1514
1. 1,4 l-Motronic/75 kW, Motorkennbuchstaben BSE, BSF	1500
2. Batterie, Anlasser, Relais für Spannungsversorgung Kl. 15, Relais für Spannungsversorgung Kl. 50, Sicherungen	1501
3. Drehstromgenerator, Stromversorgungsrelais für Motronic, Sicherungen SA	1502
4. Kraftstoffpumpenrelais, Relais für Sekundärluftpumpe, Sicherungen SB	1503
5. Motorsteuergerät, Zündrelais, Zündkerzen, Zündverteiler, Heizelemente für Kurbelgehäuseentlüftung	1504
6. Motorsteuergerät, Einspritzventile für Zylinder 1-4	1505
7. Motorsteuergerät, Klopfsensor 1, Drosselklappensteuereinheit, Motordrehzahlgeber	1506
8. Motorsteuergerät, Ansauglufttemperaturgeber, Saugrohrdruckgeber	1507
9. Motorsteuergerät, Steuergerät für Kühlerlüfter, Magnetventil 1 für Aktivkohlebehälter, Ventil für Saugrohr-klappe, Kühlerlüfter	1508
10. Motorsteuergerät, Bremslichtschalter, Kupplungspositionsgeber, Bordnetzsteuergerät, Sensor für Kühlmittelmangelanzeige	1509
11. Motorsteuergerät, Lambdasonde, Heizung für Lambdasonde	1510
12. Motorsteuergerät, Gaspedalstellungsgeber 2, Motor für Sekundärluftpumpe, Kühlmitteltemperaturgeber am Kühlerausgang	1511
13. Motorsteuergerät, Diagnose-Interface für Datenbus, Anschluss Eigendiagnose	1512
14. Schaltfeldeinsatz, Kraftstoffvorratsanzeige, Kraftstoffpumpe für Vorförderung, Drehzahlmesser, Geschwindigkeitsmesser	1513
15. Schaltfeldeinsatz, Kontrollleuchten, Öldruckschalter, Summer und Gong, Ölstands- und Öltemperaturgeber	1514
162 - Zigarettenanzünder und 12-Volt-Steckdosen	1515-1517
1. Zigarettenanzünder und 12-Volt-Steckdosen	1515
2. 12-Volt-Steckdosen, Zigarettenanzünder, Sperrdiode 3, Sicherungen	1516
3. Zigarettenanzünder, Lampe für Zigarettenanzünder, Bordnetzsteuergerät	1517
163 - Radiosystem RCD 310, Radiosystem RCD 510, 8 Lautsprecher, ohne Soundsystem, Anschluss für externe Audioquellen	1518-1523
1. Radiosystem RCD 310, Radiosystem RCD 510, 8 Lautsprecher, ohne Soundsystem, Anschluss für externe Audioquellen	1518
2. Radio, Anschluss für externe Audioquellen, Steuergerät für Bedienungselektronik des Handys	1519
3. Radio, Lautsprecher vorn, Sende- und Empfangsgerät für Telefon	1520
4. Radio, Lautsprecher hinten links und rechts	1521
5. Antennen (Limousine), Antennenverstärker, Frequenzfilter für Frequenzmodulation, Heckscheibe	1522
6. Antennen (Variant), Antennenverstärker	1523
164 - Soundsystem	1524-1527
1. Soundsystem	1524
2. Soundsystem, Sicherung SB18 und SB98, Diagnose-Interface für Datenbus	1525
3. Steuergerät mit Anzeigeeinheit für Radio und Navigationssystem, Verstärker, Lautsprecher vorn links und rechts	1526
4. Verstärker, Lautsprecher hinten links und rechts	1527
165 - Radiosystem Premium mit digitalem Satellitenradiotuner, Radio/Navigationssystem mit digitalem Satellitenradiotuner RNS 510, CD/Wechsler, Soundsystem
1528-1533
1. Radiosystem Premium mit digitalem Satellitenradiotuner, Radio/Navigationssystem mit digitalem Satellitenradiotuner RNS 510, CD/Wechsler, Soundsystem
1528
2. Steuergerät mit Anzeigeeinheit für Radio und Navigationssystem, CD-Wechsler, Steuergerät für Bedienungselektronik des Handys, Sicherung
1529
3. Verstärker, Steuergerät mit Anzeigeeinheit für Radio und Navigationssystem, digitaler Satellitenradiotuner	1530
4. Hochtonlautsprecher, Mitteltonlautsprecher und Tieftonlautsprecher vorn links und rechts, Verstärker	1531
5. Tieftonlautsprecher und Hochtonlautsprecher hinten links und rechts, Verstärker	1532
6. Antennen, Antennenverstärker, Frequenzfilter für Frequenzmodulation, Relais für beheizbare Heckscheibe	1533
166 - Radionavigationssystem RNS 300, Radionavigationssystem RNS 310, 8 Lautsprecher, Anschluss für externe Audioquellen, CD-Wechsler
1534-1539
1. Radionavigationssystem RNS 300, Radionavigationssystem RNS 310, 8 Lautsprecher, Anschluss für externe Audioquellen, CD-Wechsler
1534
2. Steuergerät mit Anzeigeeinheit für Radio und Navigationssystem, Anschluss für externe Audioquellen	1535
3. Steuergerät mit Anzeigeeinheit für Radio und Navigationssystem, Diagnose-Interface für Datenbus, Lautsprecher vorn	1536
4. Steuergerät mit Anzeigeeinheit für Radio und Navigationssystem, Lautsprecher hinten links und rechts, Steuergerät für Bedienungselektronik des Handys
1537
5. Antennen (Limousine), Antennenverstärker, Frequenzfilter für Frequenzmodulation, Relais für beheizbare Heckscheibe	1538
6. Antennen (Variant), Antennenverstärker	1539
167 - Radionavigationssystem "RNS 510"	1540-1545
1. Radionavigationssystem "RNS 510"	1540
2. Steuergerät mit Anzeigeeinheit für Radio und Navigationssystem, Anschluss für externe Audioquellen, CD-Wechsler	1541
3. Steuergerät mit Anzeigeeinheit für Radio und Navigationssystem, Lautsprecher vorn, Diagnose-Interface für Datenbus	1542
4. Steuergerät mit Anzeigeeinheit für Radio und Navigationssystem, Steuergerät für Bedienungselektronik des Handys, Sende- und Empfangsgerät für Telefon, Lautsprecher hinten links und rechts
1543
5. Antennen (Limousine), Antennenverstärker, Frequenzfilter für Frequenzmodulation, Relais für beheizbare Heckscheibe	1544
6. Antennen (Variant), Antennenverstärker	1545
168 - Vorbereitung für Navigationssystem Japan	1546-1551
1. Vorbereitung für Navigationssystem Japan	1546
